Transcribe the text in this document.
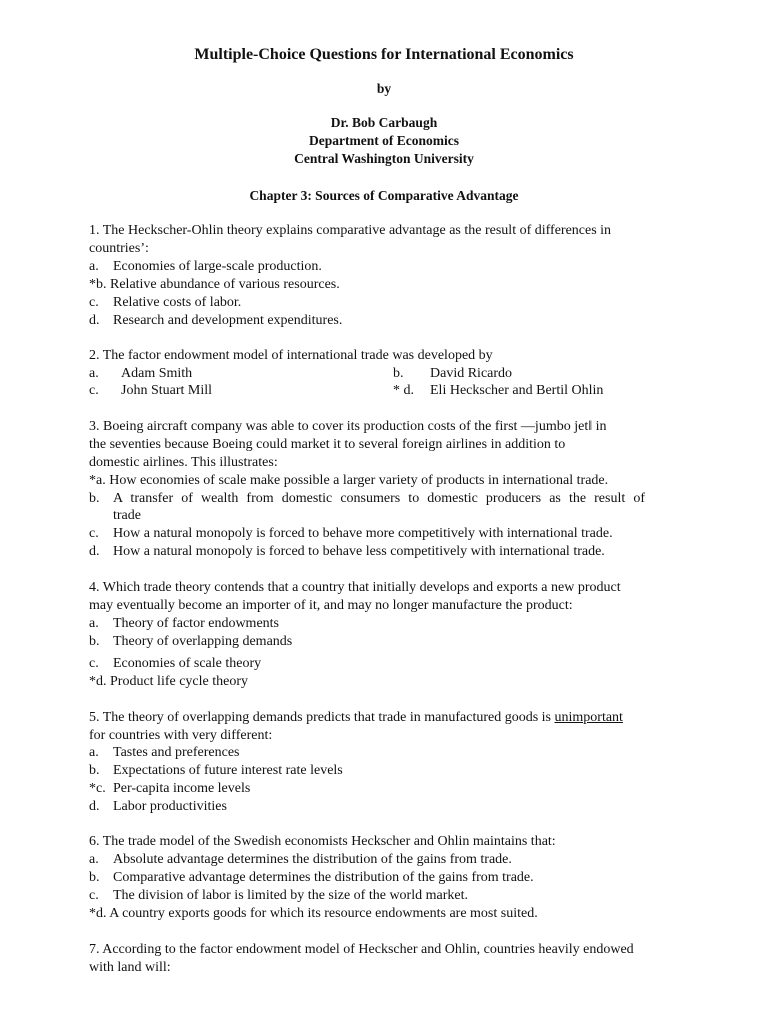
Multiple-Choice Questions for International Economics
by
Dr. Bob Carbaugh
Department of Economics
Central Washington University
Chapter 3: Sources of Comparative Advantage
1. The Heckscher-Ohlin theory explains comparative advantage as the result of differences in
countries’:
a. Economies of large-scale production.
*b. Relative abundance of various resources.
c. Relative costs of labor.
d. Research and development expenditures.
2. The factor endowment model of international trade was developed by
a. Adam Smith	b. David Ricardo
c. John Stuart Mill	* d. Eli Heckscher and Bertil Ohlin
3. Boeing aircraft company was able to cover its production costs of the first ―jumbo jet‖ in
the seventies because Boeing could market it to several foreign airlines in addition to
domestic airlines. This illustrates:
*a. How economies of scale make possible a larger variety of products in international trade.
b. A transfer of wealth from domestic consumers to domestic producers as the result of
trade
c. How a natural monopoly is forced to behave more competitively with international trade.
d. How a natural monopoly is forced to behave less competitively with international trade.
4. Which trade theory contends that a country that initially develops and exports a new product
may eventually become an importer of it, and may no longer manufacture the product:
a. Theory of factor endowments
b. Theory of overlapping demands
c. Economies of scale theory
*d. Product life cycle theory
5. The theory of overlapping demands predicts that trade in manufactured goods is unimportant
for countries with very different:
a. Tastes and preferences
b. Expectations of future interest rate levels
*c. Per-capita income levels
d. Labor productivities
6. The trade model of the Swedish economists Heckscher and Ohlin maintains that:
a. Absolute advantage determines the distribution of the gains from trade.
b. Comparative advantage determines the distribution of the gains from trade.
c. The division of labor is limited by the size of the world market.
*d. A country exports goods for which its resource endowments are most suited.
7. According to the factor endowment model of Heckscher and Ohlin, countries heavily endowed
with land will:
